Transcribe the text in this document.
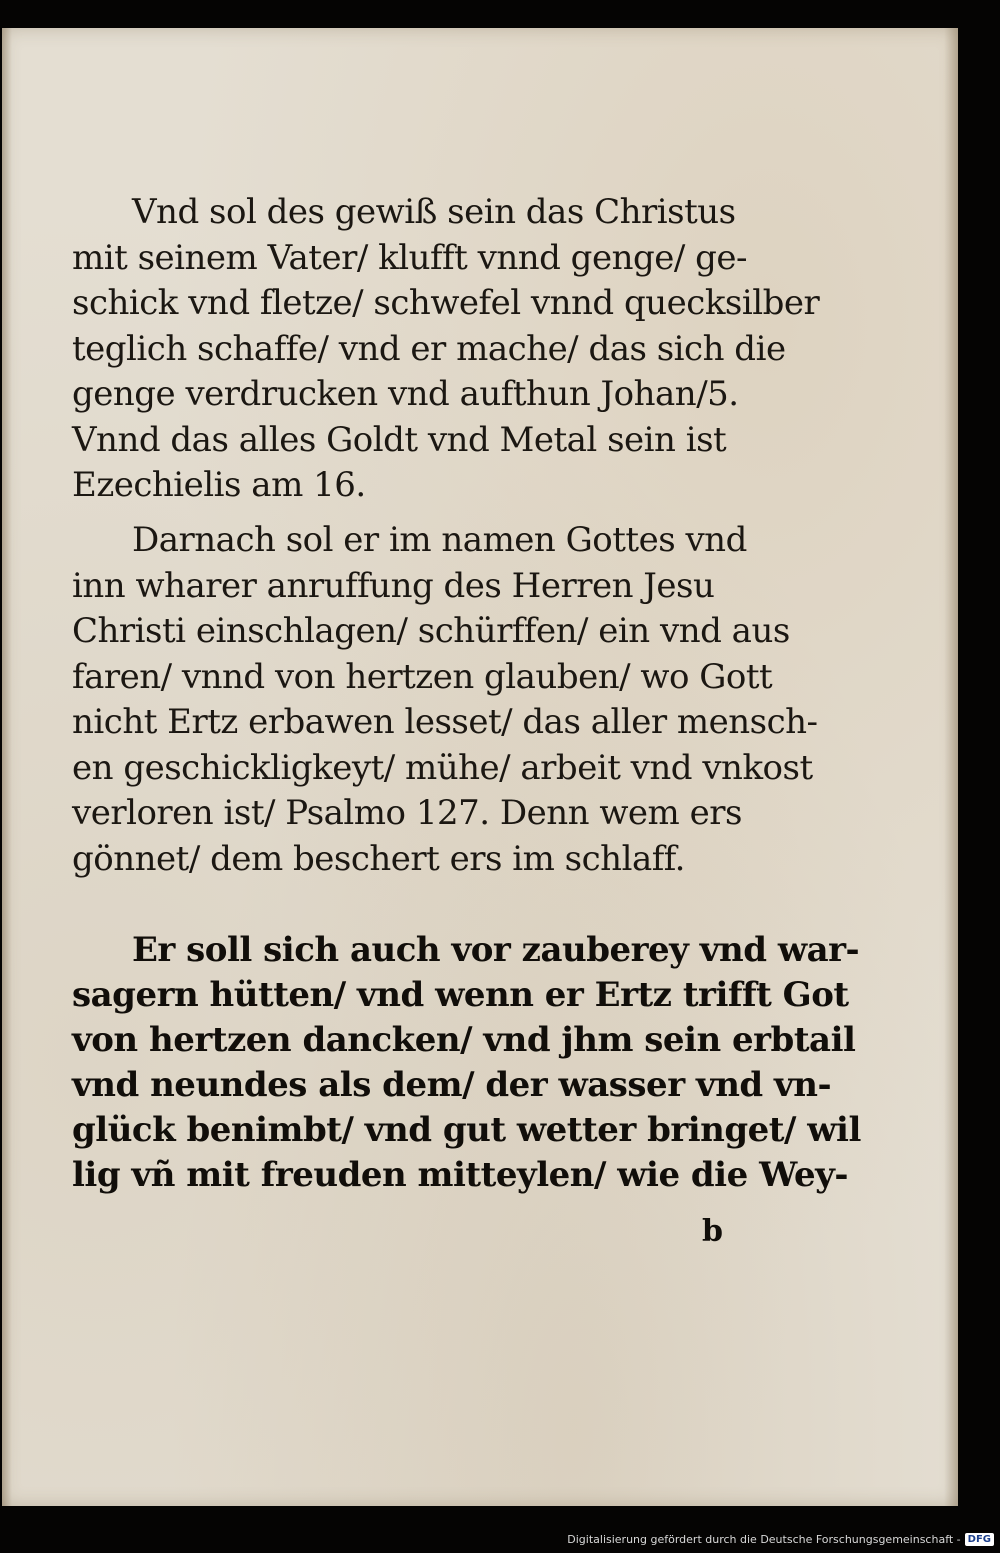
Vnd sol des gewiß sein das Christus
mit seinem Vater/ klufft vnnd genge/ ge-
schick vnd fletze/ schwefel vnnd quecksilber
teglich schaffe/ vnd er mache/ das sich die
genge verdrucken vnd aufthun Johan/5.
Vnnd das alles Goldt vnd Metal sein ist
Ezechielis am 16.
Darnach sol er im namen Gottes vnd
inn wharer anruffung des Herren Jesu
Christi einschlagen/ schürffen/ ein vnd aus
faren/ vnnd von hertzen glauben/ wo Gott
nicht Ertz erbawen lesset/ das aller mensch-
en geschickligkeyt/ mühe/ arbeit vnd vnkost
verloren ist/ Psalmo 127. Denn wem ers
gönnet/ dem beschert ers im schlaff.
Er soll sich auch vor zauberey vnd war-
sagern hütten/ vnd wenn er Ertz trifft Got
von hertzen dancken/ vnd jhm sein erbtail
vnd neundes als dem/ der wasser vnd vn-
glück benimbt/ vnd gut wetter bringet/ wil
lig vñ mit freuden mitteylen/ wie die Wey-
b
Digitalisierung gefördert durch die Deutsche Forschungsgemeinschaft - DFG
